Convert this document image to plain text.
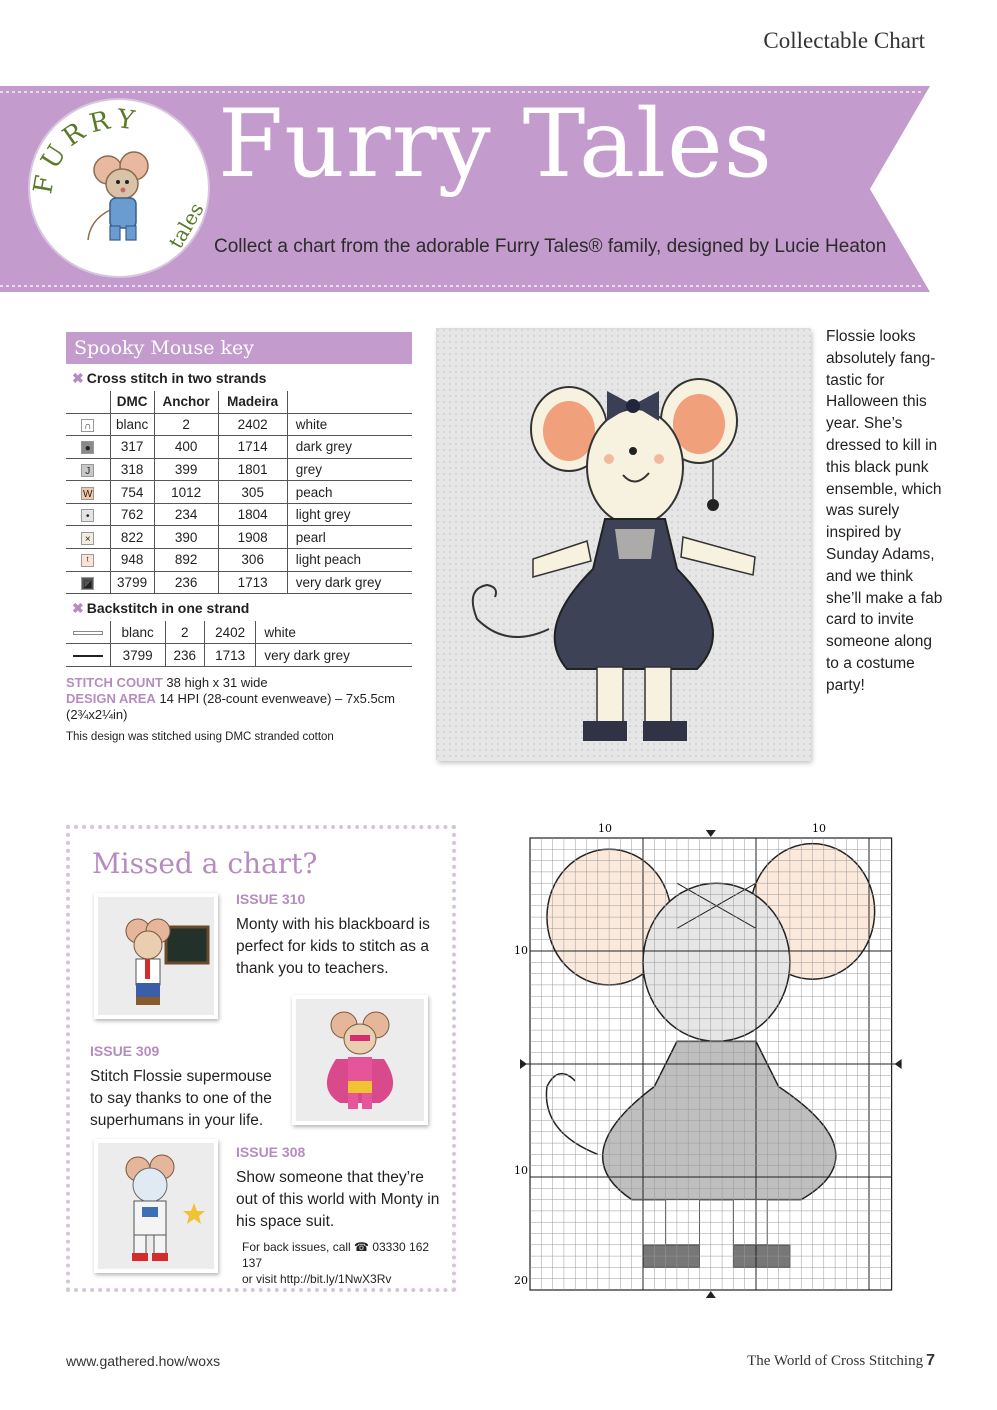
Collectable Chart
FURRY
tales
Furry Tales
Collect a chart from the adorable Furry Tales® family, designed by Lucie Heaton
Spooky Mouse key
✖ Cross stitch in two strands
	DMC	Anchor	Madeira	
∩	blanc	2	2402	white
●	317	400	1714	dark grey
J	318	399	1801	grey
W	754	1012	305	peach
•	762	234	1804	light grey
×	822	390	1908	pearl
ᵗ	948	892	306	light peach
◪	3799	236	1713	very dark grey
✖ Backstitch in one strand
	blanc	2	2402	white
	3799	236	1713	very dark grey
STITCH COUNT 38 high x 31 wide
DESIGN AREA 14 HPI (28-count evenweave) – 7x5.5cm (2¾x2¼in)
This design was stitched using DMC stranded cotton
Flossie looks absolutely fang-tastic for Halloween this year. She’s dressed to kill in this black punk ensemble, which was surely inspired by Sunday Adams, and we think she’ll make a fab card to invite someone along to a costume party!
Missed a chart?
ISSUE 310
Monty with his blackboard is perfect for kids to stitch as a thank you to teachers.
ISSUE 309
Stitch Flossie supermouse to say thanks to one of the superhumans in your life.
ISSUE 308
Show someone that they’re out of this world with Monty in his space suit.
For back issues, call ☎ 03330 162 137
or visit http://bit.ly/1NwX3Rv
10	10
10
10
20
www.gathered.how/woxs	The World of Cross Stitching 7
